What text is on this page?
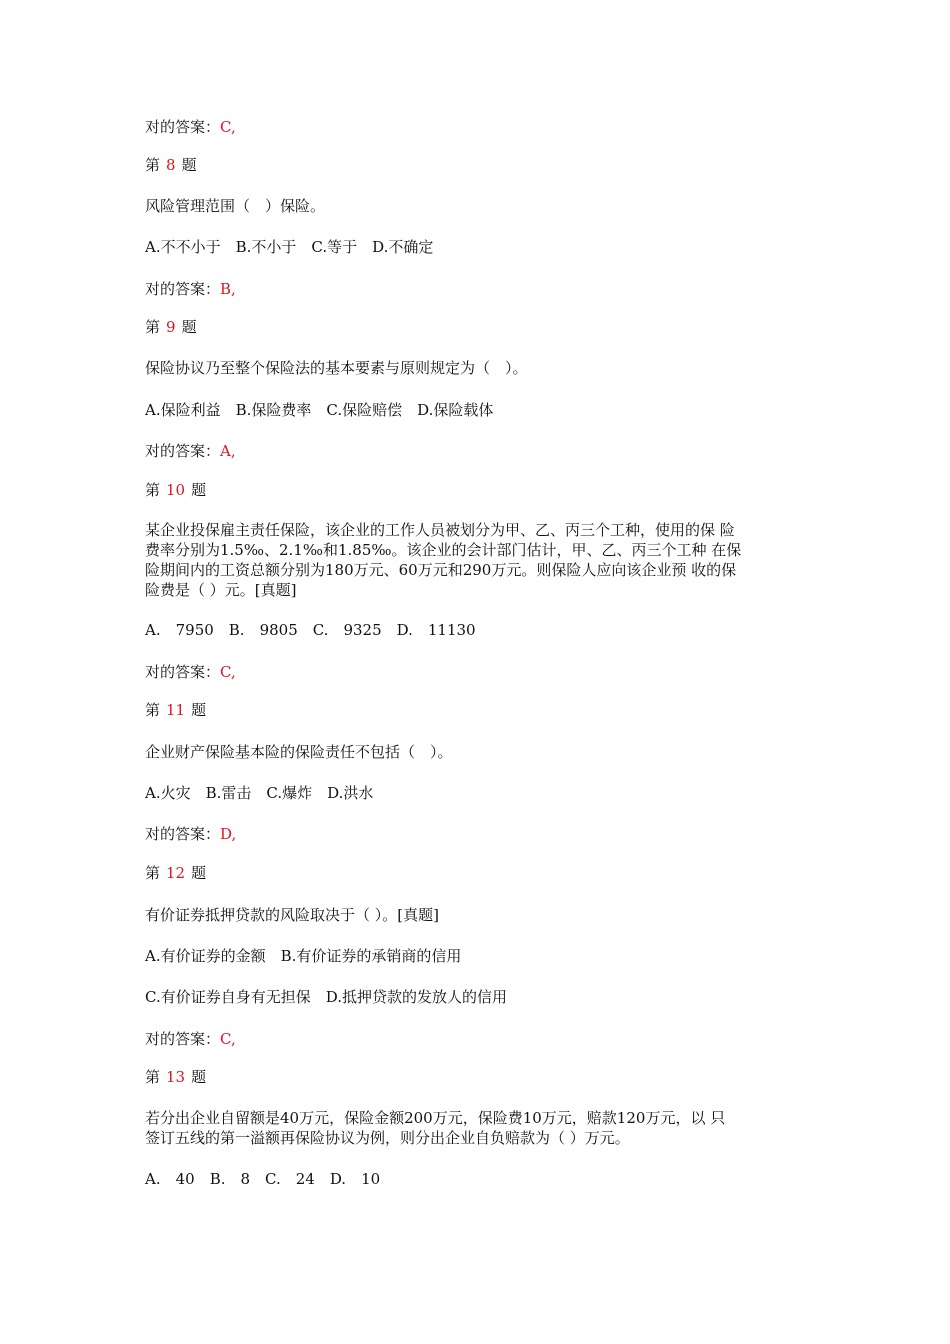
对的答案：C,
第 8 题
风险管理范围（　）保险。
A.不不小于　B.不小于　C.等于　D.不确定
对的答案：B,
第 9 题
保险协议乃至整个保险法的基本要素与原则规定为（　）。
A.保险利益　B.保险费率　C.保险赔偿　D.保险载体
对的答案：A,
第 10 题
某企业投保雇主责任保险，该企业的工作人员被划分为甲、乙、丙三个工种，使用的保 险
费率分别为1.5‰、2.1‰和1.85‰。该企业的会计部门估计，甲、乙、丙三个工种 在保
险期间内的工资总额分别为180万元、60万元和290万元。则保险人应向该企业预 收的保
险费是（ ）元。[真题]
A.　7950　B.　9805　C.　9325　D.　11130
对的答案：C,
第 11 题
企业财产保险基本险的保险责任不包括（　）。
A.火灾　B.雷击　C.爆炸　D.洪水
对的答案：D,
第 12 题
有价证券抵押贷款的风险取决于（ ）。[真题]
A.有价证券的金额　B.有价证券的承销商的信用
C.有价证券自身有无担保　D.抵押贷款的发放人的信用
对的答案：C,
第 13 题
若分出企业自留额是40万元，保险金额200万元，保险费10万元，赔款120万元，以 只
签订五线的第一溢额再保险协议为例，则分出企业自负赔款为（ ）万元。
A.　40　B.　8　C.　24　D.　10
